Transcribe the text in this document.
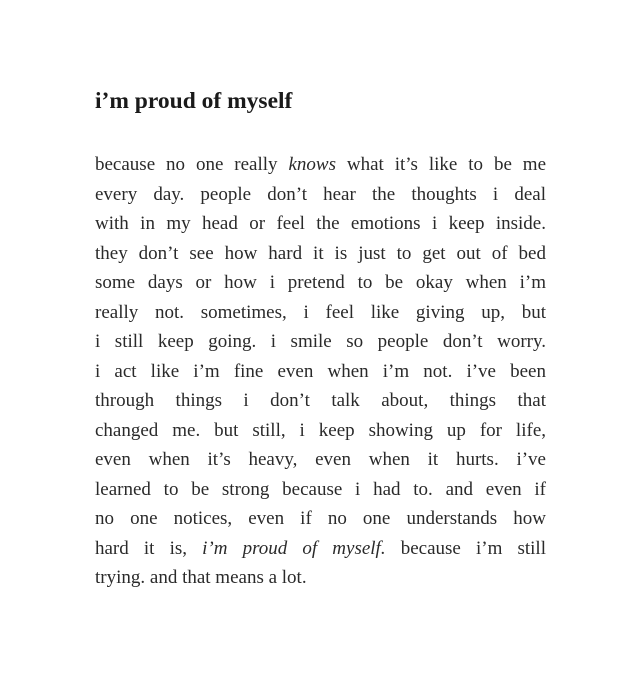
i’m proud of myself
because no one really knows what it’s like to be me
every day. people don’t hear the thoughts i deal
with in my head or feel the emotions i keep inside.
they don’t see how hard it is just to get out of bed
some days or how i pretend to be okay when i’m
really not. sometimes, i feel like giving up, but
i still keep going. i smile so people don’t worry.
i act like i’m fine even when i’m not. i’ve been
through things i don’t talk about, things that
changed me. but still, i keep showing up for life,
even when it’s heavy, even when it hurts. i’ve
learned to be strong because i had to. and even if
no one notices, even if no one understands how
hard it is, i’m proud of myself. because i’m still
trying. and that means a lot.
